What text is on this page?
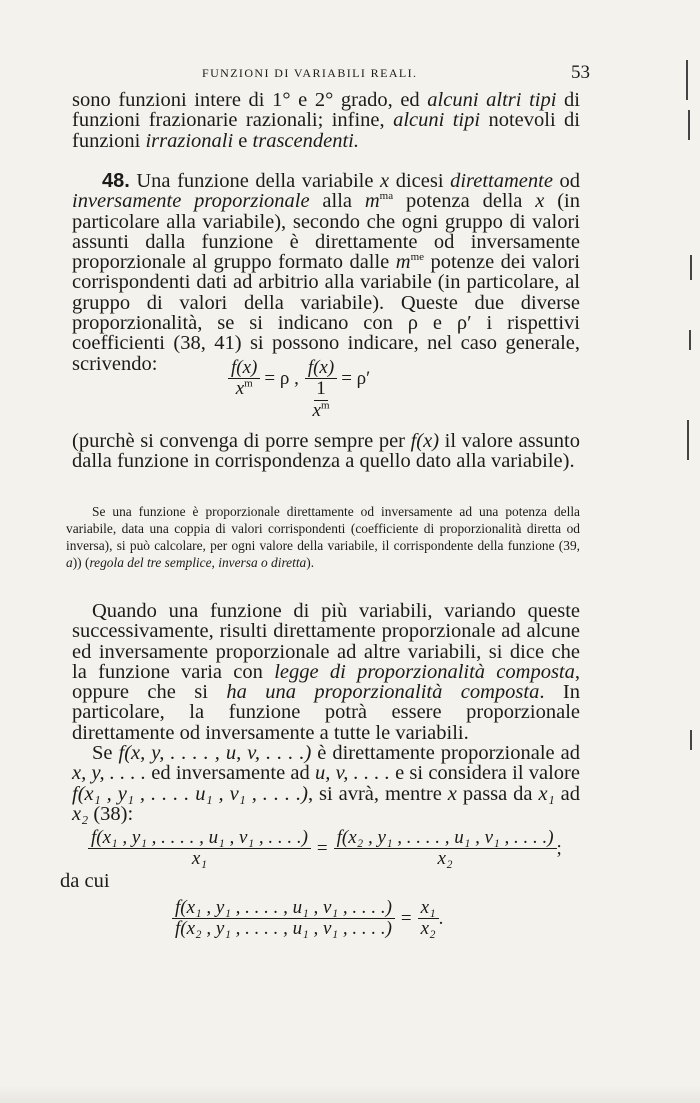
FUNZIONI DI VARIABILI REALI.	53
sono funzioni intere di 1° e 2° grado, ed alcuni altri tipi di funzioni frazionarie razionali; infine, alcuni tipi notevoli di funzioni irrazionali e trascendenti.
48. Una funzione della variabile x dicesi direttamente od inversamente proporzionale alla $m^{ma}$ potenza della x (in particolare alla variabile), secondo che ogni gruppo di valori assunti dalla funzione è direttamente od inversamente proporzionale al gruppo formato dalle $m^{me}$ potenze dei valori corrispondenti dati ad arbitrio alla variabile (in particolare, al gruppo di valori della variabile). Queste due diverse proporzionalità, se si indicano con ρ e ρ′ i rispettivi coefficienti (38, 41) si possono indicare, nel caso generale, scrivendo:	$\frac{f(x)}{x^m} = \rho$ , f(x)
1
$x^m = \rho'$
(purchè si convenga di porre sempre per f(x) il valore assunto dalla funzione in corrispondenza a quello dato alla variabile).
Se una funzione è proporzionale direttamente od inversamente ad una potenza della variabile, data una coppia di valori corrispondenti (coefficiente di proporzionalità diretta od inversa), si può calcolare, per ogni valore della variabile, il corrispondente della funzione (39, a)) (regola del tre semplice, inversa o diretta).
Quando una funzione di più variabili, variando queste successivamente, risulti direttamente proporzionale ad alcune ed inversamente proporzionale ad altre variabili, si dice che la funzione varia con legge di proporzionalità composta, oppure che si ha una proporzionalità composta. In particolare, la funzione potrà essere proporzionale direttamente od inversamente a tutte le variabili.
Se f(x, y, . . . . , u, v, . . . .) è direttamente proporzionale ad x, y, . . . . ed inversamente ad u, v, . . . . e si considera il valore f(x₁ , y₁ , . . . . u₁ , v₁ , . . . .), si avrà, mentre x passa da x₁ ad x₂ (38):
$\frac{\text{f(x₁ , y₁ , . . . . , u₁ , v₁ , . . . .)}}{\text{x₁}} = \frac{\text{f(x₂ , y₁ , . . . . , u₁ , v₁ , . . . .)}}{\text{x₂}}$ ;
da cui
$\frac{\text{f(x₁ , y₁ , . . . . , u₁ , v₁ , . . . .)}}{\text{f(x₂ , y₁ , . . . . , u₁ , v₁ , . . . .)}} = \frac{\text{x₁}}{\text{x₂}}$ .
